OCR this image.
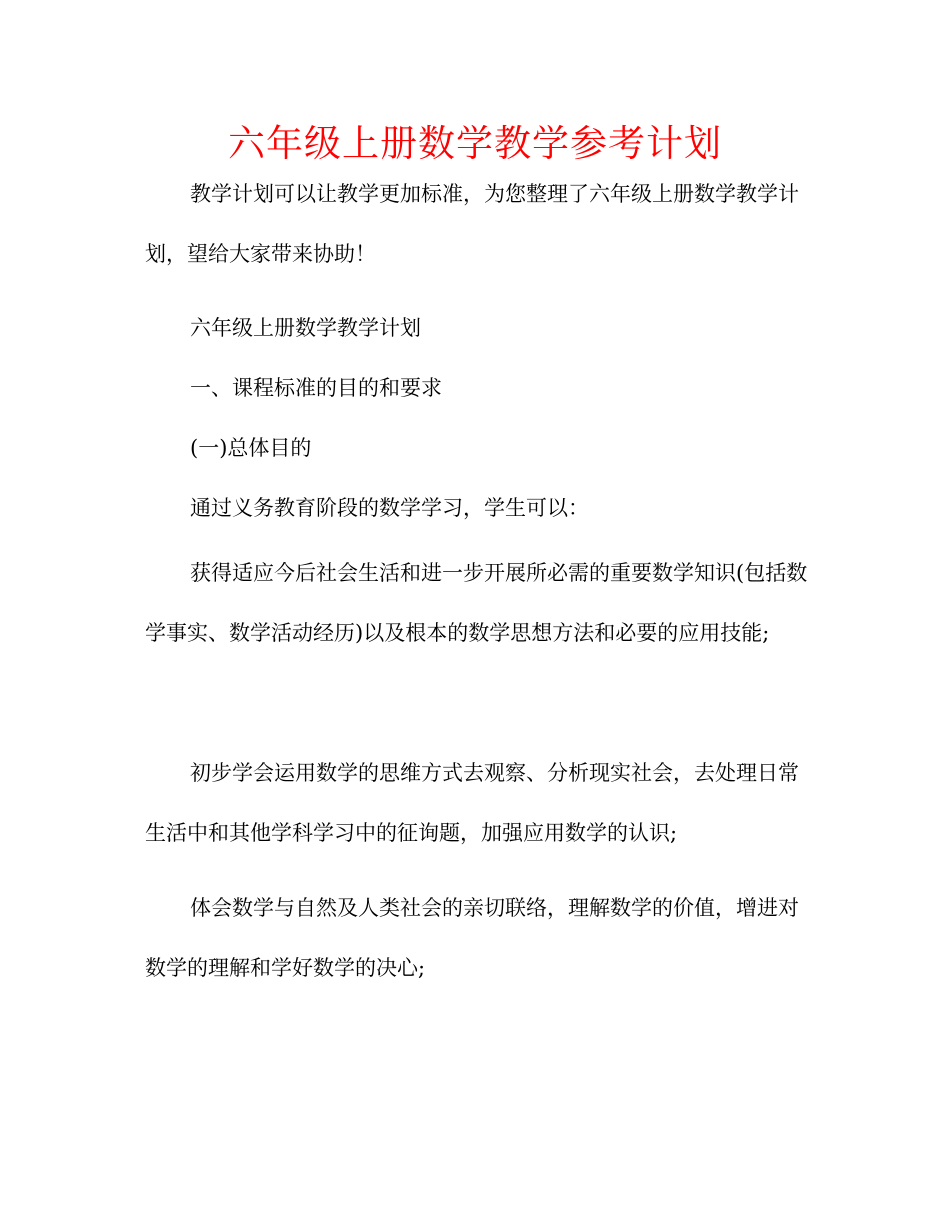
六年级上册数学教学参考计划

教学计划可以让教学更加标准，为您整理了六年级上册数学教学计划，望给大家带来协助！

六年级上册数学教学计划

一、课程标准的目的和要求

(一)总体目的

通过义务教育阶段的数学学习，学生可以：

获得适应今后社会生活和进一步开展所必需的重要数学知识(包括数学事实、数学活动经历)以及根本的数学思想方法和必要的应用技能;

初步学会运用数学的思维方式去观察、分析现实社会，去处理日常生活中和其他学科学习中的征询题，加强应用数学的认识;

体会数学与自然及人类社会的亲切联络，理解数学的价值，增进对数学的理解和学好数学的决心;
